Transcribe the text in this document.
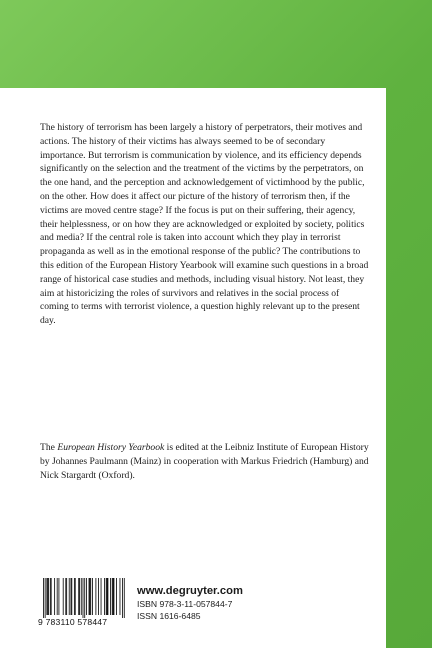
The history of terrorism has been largely a history of perpetrators, their motives and actions. The history of their victims has always seemed to be of secondary importance. But terrorism is communication by violence, and its efficiency depends significantly on the selection and the treatment of the victims by the perpetrators, on the one hand, and the perception and acknowledgement of victimhood by the public, on the other. How does it affect our picture of the history of terrorism then, if the victims are moved centre stage? If the focus is put on their suffering, their agency, their helplessness, or on how they are acknowledged or exploited by society, politics and media? If the central role is taken into account which they play in terrorist propaganda as well as in the emotional response of the public? The contributions to this edition of the European History Yearbook will examine such questions in a broad range of historical case studies and methods, including visual history. Not least, they aim at historicizing the roles of survivors and relatives in the social process of coming to terms with terrorist violence, a question highly relevant up to the present day.

The European History Yearbook is edited at the Leibniz Institute of European History by Johannes Paulmann (Mainz) in cooperation with Markus Friedrich (Hamburg) and Nick Stargardt (Oxford).

9 783110 578447
www.degruyter.com
ISBN 978-3-11-057844-7
ISSN 1616-6485
